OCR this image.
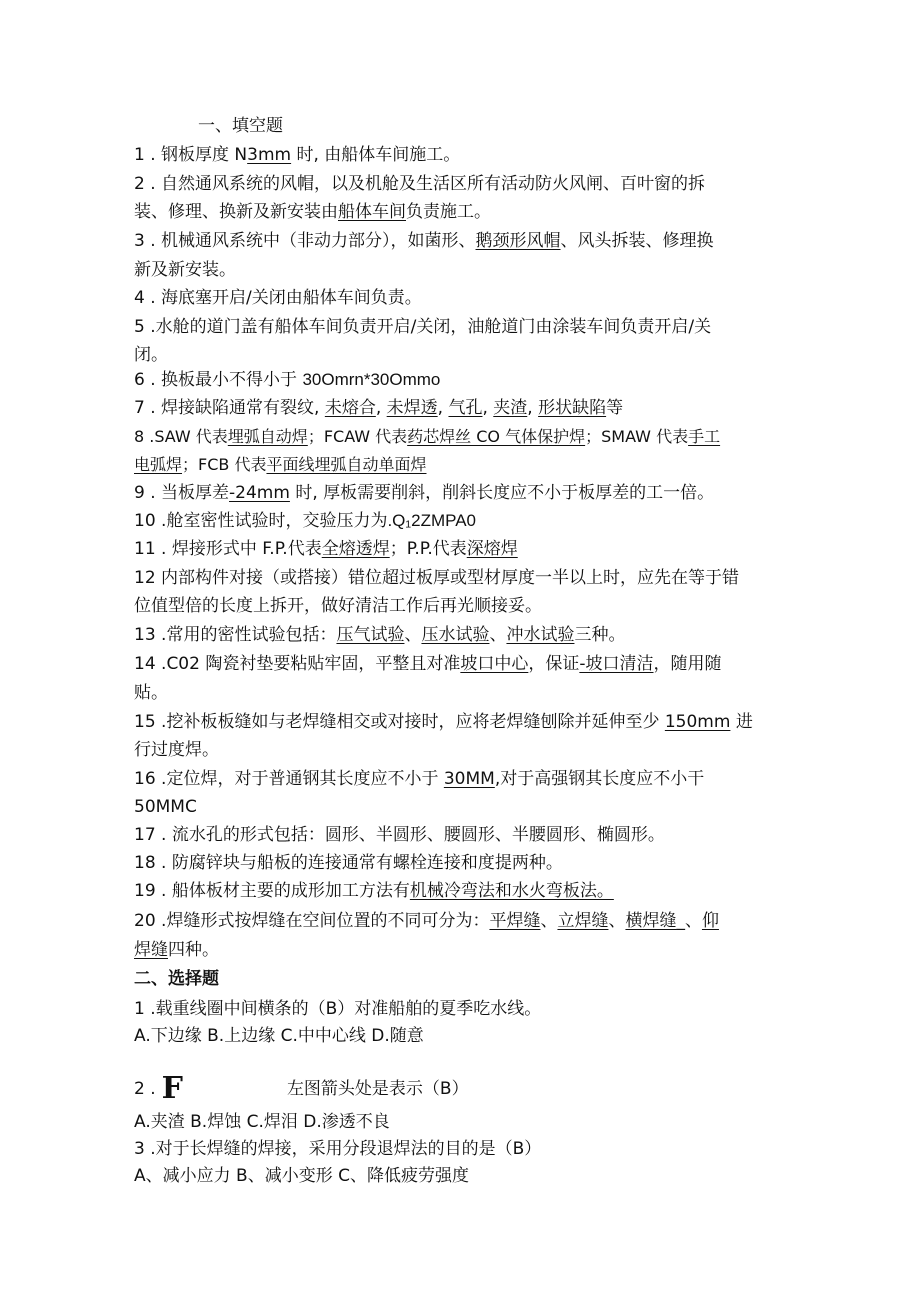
一、填空题
1 . 钢板厚度 N3mm 时, 由船体车间施工。
2 . 自然通风系统的风帽，以及机舱及生活区所有活动防火风闸、百叶窗的拆
装、修理、换新及新安装由船体车间负责施工。
3 . 机械通风系统中（非动力部分），如菌形、鹅颈形风帽、风头拆装、修理换
新及新安装。
4 . 海底塞开启/关闭由船体车间负责。
5 .水舱的道门盖有船体车间负责开启/关闭，油舱道门由涂装车间负责开启/关
闭。
6 . 换板最小不得小于 30Omrn*30Ommo
7 . 焊接缺陷通常有裂纹, 未熔合, 未焊透, 气孔, 夹渣, 形状缺陷等
8 .SAW 代表埋弧自动焊；FCAW 代表药芯焊丝 CO 气体保护焊；SMAW 代表手工
电弧焊；FCB 代表平面线埋弧自动单面焊
9 . 当板厚差-24mm 时, 厚板需要削斜，削斜长度应不小于板厚差的工一倍。
10 .舱室密性试验时，交验压力为.Q₁2ZMPA0
11 . 焊接形式中 F.P.代表全熔透焊；P.P.代表深熔焊
12 内部构件对接（或搭接）错位超过板厚或型材厚度一半以上时，应先在等于错
位值型倍的长度上拆开，做好清洁工作后再光顺接妥。
13 .常用的密性试验包括：压气试验、压水试验、冲水试验三种。
14 .C02 陶瓷衬垫要粘贴牢固，平整且对准坡口中心，保证-坡口清洁，随用随
贴。
15 .挖补板板缝如与老焊缝相交或对接时，应将老焊缝刨除并延伸至少 150mm 进
行过度焊。
16 .定位焊，对于普通钢其长度应不小于 30MM,对于高强钢其长度应不小干
50MMC
17 . 流水孔的形式包括：圆形、半圆形、腰圆形、半腰圆形、椭圆形。
18 . 防腐锌块与船板的连接通常有螺栓连接和度提两种。
19 . 船体板材主要的成形加工方法有机械冷弯法和水火弯板法。
20 .焊缝形式按焊缝在空间位置的不同可分为：平焊缝、立焊缝、横焊缝_、仰
焊缝四种。
二、选择题
1 .载重线圈中间横条的（B）对准船舶的夏季吃水线。
A.下边缘 B.上边缘 C.中中心线 D.随意
2 . F	左图箭头处是表示（B）
A.夹渣 B.焊蚀 C.焊泪 D.渗透不良
3 .对于长焊缝的焊接，采用分段退焊法的目的是（B）
A、减小应力 B、减小变形 C、降低疲劳强度
